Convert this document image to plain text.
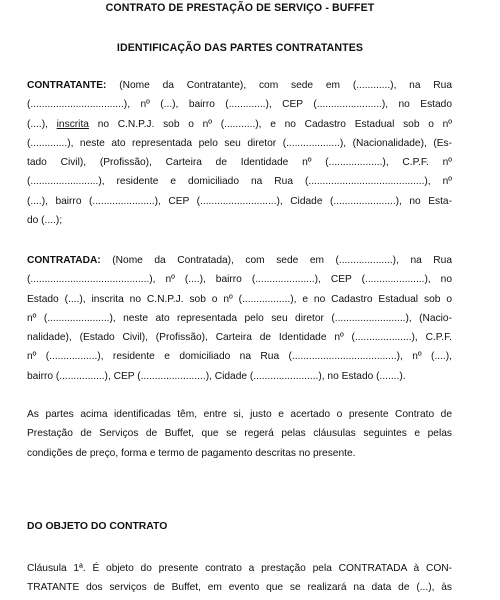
CONTRATO DE PRESTAÇÃO DE SERVIÇO - BUFFET
IDENTIFICAÇÃO DAS PARTES CONTRATANTES
CONTRATANTE: (Nome da Contratante), com sede em (............), na Rua
(.................................), nº (...), bairro (.............), CEP (.......................), no Estado
(....), inscrita no C.N.P.J. sob o nº (...........), e no Cadastro Estadual sob o nº
(.............), neste ato representada pelo seu diretor (...................), (Nacionalidade), (Es-
tado Civil), (Profissão), Carteira de Identidade nº (...................), C.P.F. nº
(........................), residente e domiciliado na Rua (.........................................), nº
(....), bairro (......................), CEP (...........................), Cidade (......................), no Esta-
do (....);
CONTRATADA: (Nome da Contratada), com sede em (...................), na Rua
(..........................................), nº (....), bairro (.....................), CEP (.....................), no
Estado (....), inscrita no C.N.P.J. sob o nº (.................), e no Cadastro Estadual sob o
nº (......................), neste ato representada pelo seu diretor (.........................), (Nacio-
nalidade), (Estado Civil), (Profissão), Carteira de Identidade nº (....................), C.P.F.
nº (.................), residente e domiciliado na Rua (.....................................), nº (....),
bairro (................), CEP (.......................), Cidade (.......................), no Estado (.......).
As partes acima identificadas têm, entre si, justo e acertado o presente Contrato de
Prestação de Serviços de Buffet, que se regerá pelas cláusulas seguintes e pelas
condições de preço, forma e termo de pagamento descritas no presente.
DO OBJETO DO CONTRATO
Cláusula 1ª. É objeto do presente contrato a prestação pela CONTRATADA à CON-
TRATANTE dos serviços de Buffet, em evento que se realizará na data de (...), às
